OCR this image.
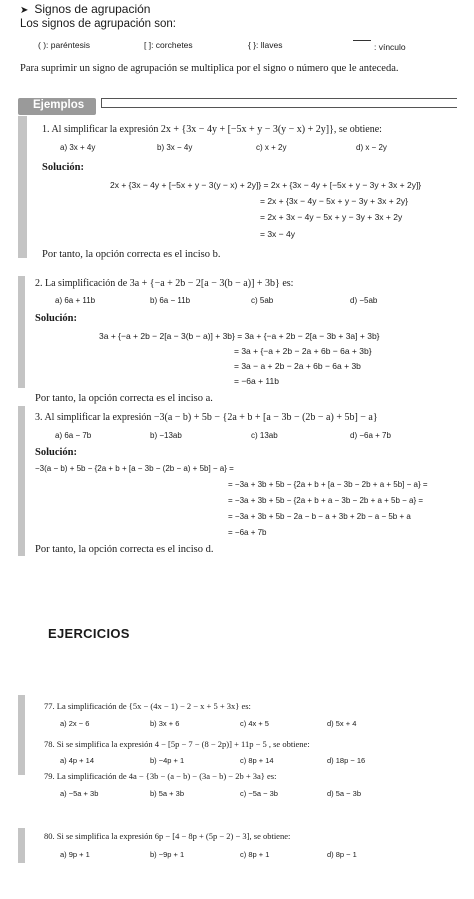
➤ Signos de agrupación
Los signos de agrupación son:
( ): paréntesis	[ ]: corchetes	{ }: llaves	: vínculo
Para suprimir un signo de agrupación se multiplica por el signo o número que le anteceda.
Ejemplos
1. Al simplificar la expresión 2x + {3x − 4y + [−5x + y − 3(y − x) + 2y]}, se obtiene:
a) 3x + 4y	b) 3x − 4y	c) x + 2y	d) x − 2y
Solución:
2x + {3x − 4y + [−5x + y − 3(y − x) + 2y]} = 2x + {3x − 4y + [−5x + y − 3y + 3x + 2y]}
= 2x + {3x − 4y − 5x + y − 3y + 3x + 2y}
= 2x + 3x − 4y − 5x + y − 3y + 3x + 2y
= 3x − 4y
Por tanto, la opción correcta es el inciso b.
2. La simplificación de 3a + {−a + 2b − 2[a − 3(b − a)] + 3b} es:
a) 6a + 11b	b) 6a − 11b	c) 5ab	d) −5ab
Solución:
3a + {−a + 2b − 2[a − 3(b − a)] + 3b} = 3a + {−a + 2b − 2[a − 3b + 3a] + 3b}
= 3a + {−a + 2b − 2a + 6b − 6a + 3b}
= 3a − a + 2b − 2a + 6b − 6a + 3b
= −6a + 11b
Por tanto, la opción correcta es el inciso a.
3. Al simplificar la expresión −3(a − b) + 5b − {2a + b + [a − 3b − (2b − a) + 5b] − a}
a) 6a − 7b	b) −13ab	c) 13ab	d) −6a + 7b
Solución:
−3(a − b) + 5b − {2a + b + [a − 3b − (2b − a) + 5b] − a} =
= −3a + 3b + 5b − {2a + b + [a − 3b − 2b + a + 5b] − a} =
= −3a + 3b + 5b − {2a + b + a − 3b − 2b + a + 5b − a} =
= −3a + 3b + 5b − 2a − b − a + 3b + 2b − a − 5b + a
= −6a + 7b
Por tanto, la opción correcta es el inciso d.
EJERCICIOS
77. La simplificación de {5x − (4x − 1) − 2 − x + 5 + 3x} es:
a) 2x − 6	b) 3x + 6	c) 4x + 5	d) 5x + 4
78. Si se simplifica la expresión 4 − [5p − 7 − (8 − 2p)] + 11p − 5 , se obtiene:
a) 4p + 14	b) −4p + 1	c) 8p + 14	d) 18p − 16
79. La simplificación de 4a − {3b − (a − b) − (3a − b) − 2b + 3a} es:
a) −5a + 3b	b) 5a + 3b	c) −5a − 3b	d) 5a − 3b
80. Si se simplifica la expresión 6p − [4 − 8p + (5p − 2) − 3], se obtiene:
a) 9p + 1	b) −9p + 1	c) 8p + 1	d) 8p − 1
